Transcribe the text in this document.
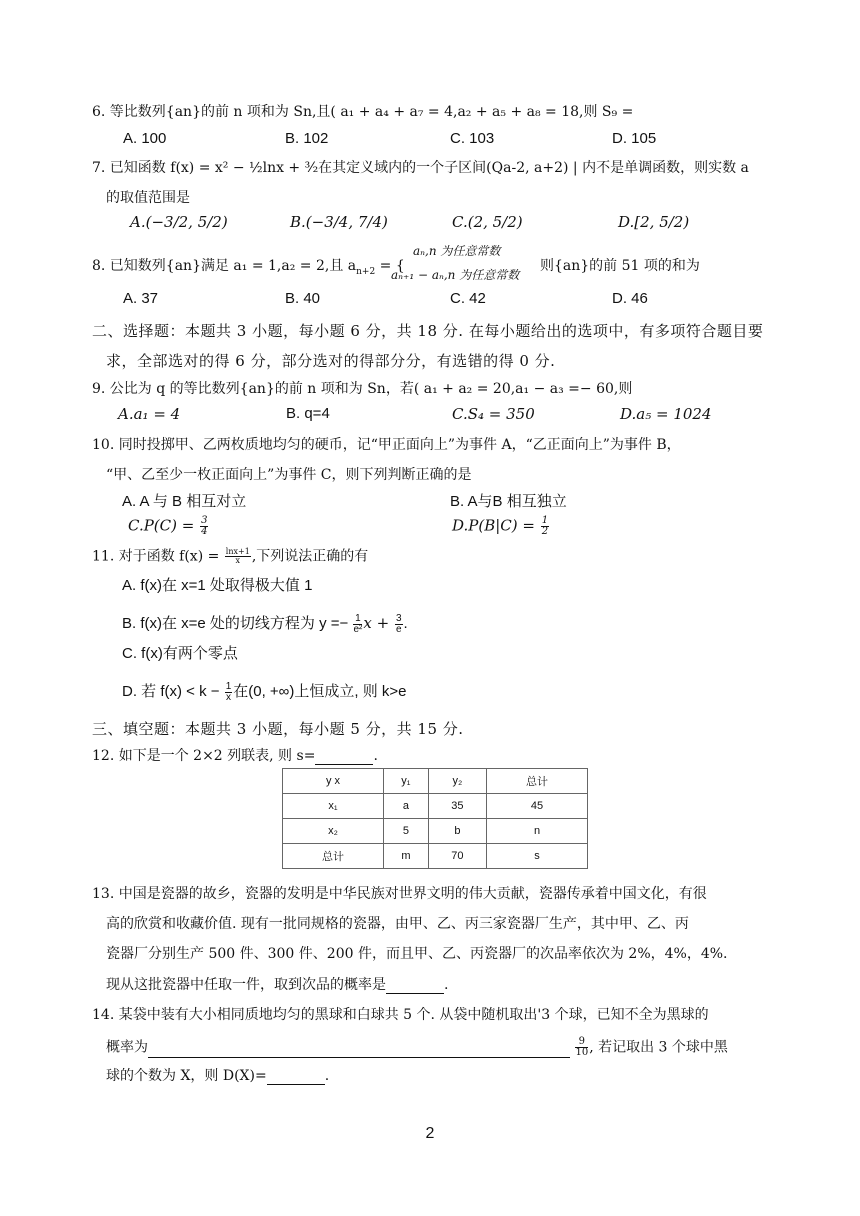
6. 等比数列{an}的前 n 项和为 Sn,且( a₁ + a₄ + a₇ = 4,a₂ + a₅ + a₈ = 18,则 S₉ =
A. 100	B. 102	C. 103	D. 105
7. 已知函数 f(x) = x² − ½lnx + ³⁄₂在其定义域内的一个子区间(Qa-2, a+2) | 内不是单调函数，则实数 a
的取值范围是
A.(−3/2, 5/2)	B.(−3/4, 7/4)	C.(2, 5/2)	D.[2, 5/2)
8. 已知数列{an}满足 a₁ = 1,a₂ = 2,且 $a_{n+2}$ = {
aₙ,n 为任意常数
aₙ₊₁ − aₙ,n 为任意常数
则{an}的前 51 项的和为
A. 37	B. 40	C. 42	D. 46
二、选择题：本题共 3 小题，每小题 6 分，共 18 分. 在每小题给出的选项中，有多项符合题目要
求，全部选对的得 6 分，部分选对的得部分分，有选错的得 0 分.
9. 公比为 q 的等比数列{an}的前 n 项和为 Sn，若( a₁ + a₂ = 20,a₁ − a₃ =− 60,则
A.a₁ = 4	B. q=4	C.S₄ = 350	D.a₅ = 1024
10. 同时投掷甲、乙两枚质地均匀的硬币，记“甲正面向上”为事件 A，“乙正面向上”为事件 B，
“甲、乙至少一枚正面向上”为事件 C，则下列判断正确的是
A. A 与 B 相互对立	B. A与B 相互独立
$C.P(C) = \frac{3}{4}$	$D.P(B|C) = \frac{1}{2}$
11. 对于函数 $f(x) = \frac{\ln x+1}{x}$ ,下列说法正确的有
A. f(x)在 x=1 处取得极大值 1
B. f(x)在 x=e 处的切线方程为 $y =- \frac{1}{\text{e²}}$ $x + \frac{3}{e}$ .
C. f(x)有两个零点
D. 若 $f(x) < k - \frac{1}{x}$ 在(0, +∞)上恒成立, 则 k>e
三、填空题：本题共 3 小题，每小题 5 分，共 15 分.
12. 如下是一个 2×2 列联表, 则 s=	.
y x	y₁	y₂	总计
x₁	a	35	45
x₂	5	b	n
总计	m	70	s
13. 中国是瓷器的故乡，瓷器的发明是中华民族对世界文明的伟大贡献，瓷器传承着中国文化，有很
高的欣赏和收藏价值. 现有一批同规格的瓷器，由甲、乙、丙三家瓷器厂生产，其中甲、乙、丙
瓷器厂分别生产 500 件、300 件、200 件，而且甲、乙、丙瓷器厂的次品率依次为 2%，4%，4%.
现从这批瓷器中任取一件，取到次品的概率是	.
14. 某袋中装有大小相同质地均匀的黑球和白球共 5 个. 从袋中随机取出'3 个球，已知不全为黑球的
概率为	$\frac{9}{10}$ , 若记取出 3 个球中黑
球的个数为 X，则 D(X)=	.
2
